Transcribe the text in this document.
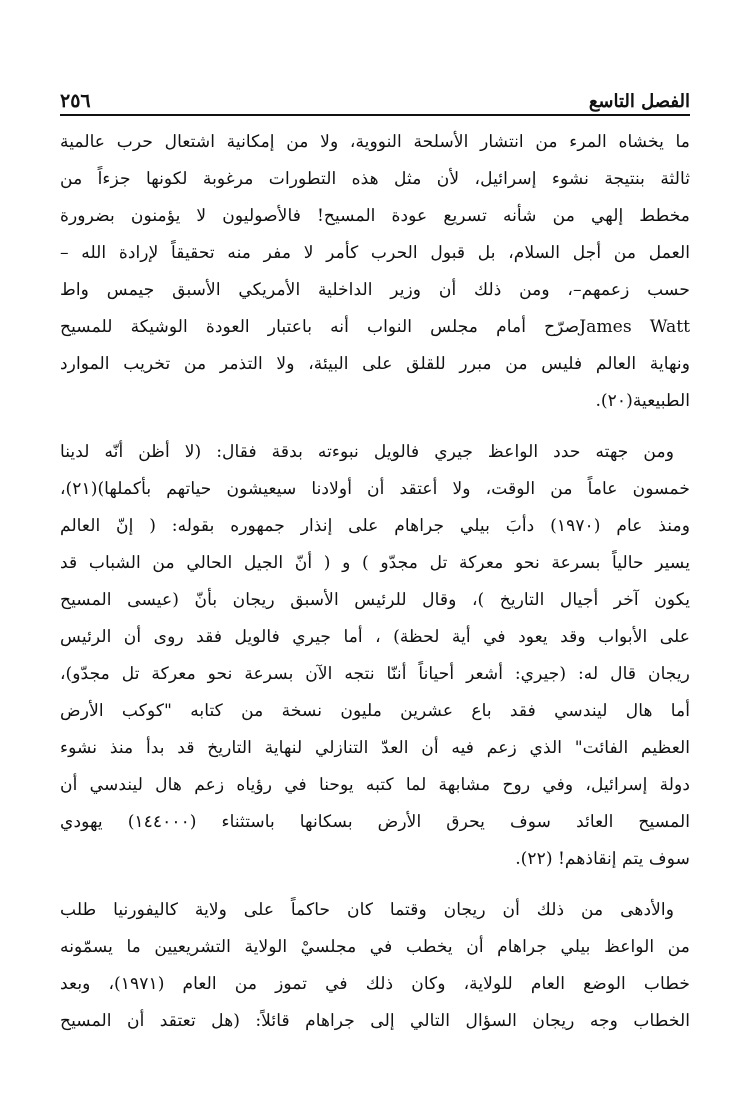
الفصل التاسع
٢٥٦
ما يخشاه المرء من انتشار الأسلحة النووية، ولا من إمكانية اشتعال حرب عالمية
ثالثة بنتيجة نشوء إسرائيل، لأن مثل هذه التطورات مرغوبة لكونها جزءاً من
مخطط إلهي من شأنه تسريع عودة المسيح! فالأصوليون لا يؤمنون بضرورة
العمل من أجل السلام، بل قبول الحرب كأمر لا مفر منه تحقيقاً لإرادة الله –
حسب زعمهم–، ومن ذلك أن وزير الداخلية الأمريكي الأسبق جيمس واط
James Wattصرّح أمام مجلس النواب أنه باعتبار العودة الوشيكة للمسيح
ونهاية العالم فليس من مبرر للقلق على البيئة، ولا التذمر من تخريب الموارد
الطبيعية(٢٠).
ومن جهته حدد الواعظ جيري فالويل نبوءته بدقة فقال: (لا أظن أنّه لدينا
خمسون عاماً من الوقت، ولا أعتقد أن أولادنا سيعيشون حياتهم بأكملها)(٢١)،
ومنذ عام (١٩٧٠) دأبَ بيلي جراهام على إنذار جمهوره بقوله: ( إنّ العالم
يسير حالياً بسرعة نحو معركة تل مجدّو ) و ( أنّ الجيل الحالي من الشباب قد
يكون آخر أجيال التاريخ )، وقال للرئيس الأسبق ريجان بأنّ (عيسى المسيح
على الأبواب وقد يعود في أية لحظة) ، أما جيري فالويل فقد روى أن الرئيس
ريجان قال له: (جيري: أشعر أحياناً أننّا نتجه الآن بسرعة نحو معركة تل مجدّو)،
أما هال ليندسي فقد باع عشرين مليون نسخة من كتابه "كوكب الأرض
العظيم الفائت" الذي زعم فيه أن العدّ التنازلي لنهاية التاريخ قد بدأ منذ نشوء
دولة إسرائيل، وفي روح مشابهة لما كتبه يوحنا في رؤياه زعم هال ليندسي أن
المسيح العائد سوف يحرق الأرض بسكانها باستثناء (١٤٤٠٠٠) يهودي
سوف يتم إنقاذهم! (٢٢).
والأدهى من ذلك أن ريجان وقتما كان حاكماً على ولاية كاليفورنيا طلب
من الواعظ بيلي جراهام أن يخطب في مجلسيْ الولاية التشريعيين ما يسمّونه
خطاب الوضع العام للولاية، وكان ذلك في تموز من العام (١٩٧١)، وبعد
الخطاب وجه ريجان السؤال التالي إلى جراهام قائلاً: (هل تعتقد أن المسيح
